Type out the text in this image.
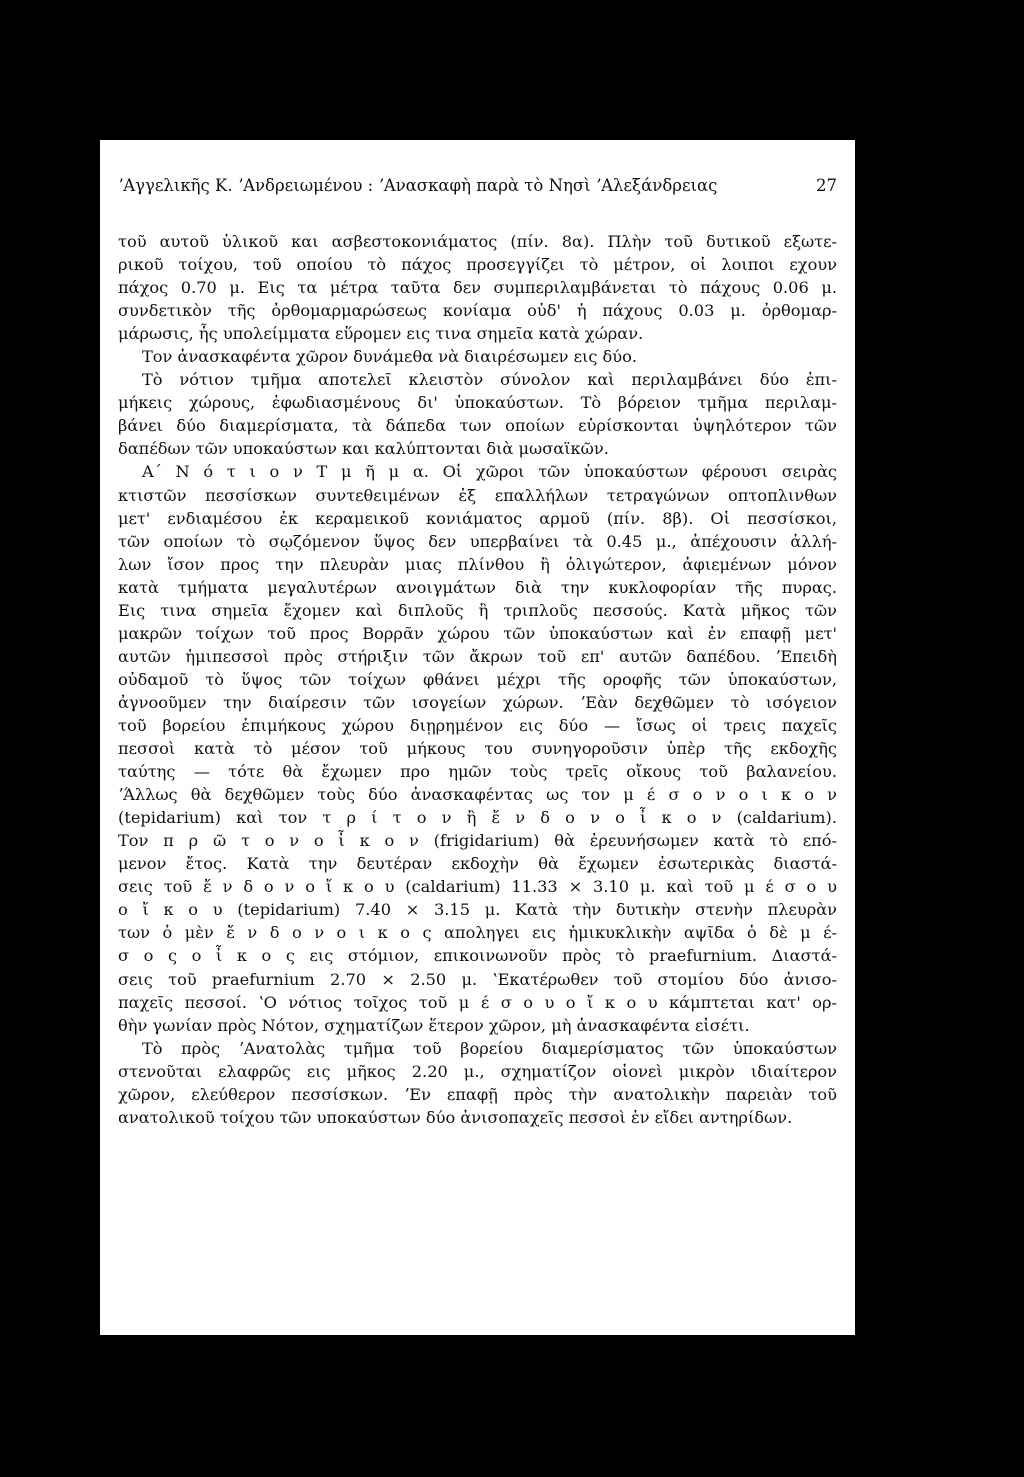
ʼΑγγελικῆς Κ. ʼΑνδρειωμένου : ʼΑνασκαφὴ παρὰ τὸ Νησὶ ʼΑλεξάνδρειας	27
τοῦ αυτοῦ ὑλικοῦ και ασβεστοκονιάματος (πίν. 8α). Πλὴν τοῦ δυτικοῦ εξωτε-
ρικοῦ τοίχου, τοῦ οποίου τὸ πάχος προσεγγίζει τὸ μέτρον, οἱ λοιποι εχουν
πάχος 0.70 μ. Εις τα μέτρα ταῦτα δεν συμπεριλαμβάνεται τὸ πάχους 0.06 μ.
συνδετικὸν τῆς ὀρθομαρμαρώσεως κονίαμα οὐδ' ἡ πάχους 0.03 μ. ὀρθομαρ-
μάρωσις, ἧς υπολείμματα εὕρομεν εις τινα σημεῖα κατὰ χώραν.
Τον ἀνασκαφέντα χῶρον δυνάμεθα νὰ διαιρέσωμεν εις δύο.
Τὸ νότιον τμῆμα αποτελεῖ κλειστὸν σύνολον καὶ περιλαμβάνει δύο ἐπι-
μήκεις χώρους, ἐφωδιασμένους δι' ὑποκαύστων. Τὸ βόρειον τμῆμα περιλαμ-
βάνει δύο διαμερίσματα, τὰ δάπεδα των οποίων εὑρίσκονται ὑψηλότερον τῶν
δαπέδων τῶν υποκαύστων και καλύπτονται διὰ μωσαϊκῶν.
Α΄ Ν ό τ ι ο ν Τ μ ῆ μ α. Οἱ χῶροι τῶν ὑποκαύστων φέρουσι σειρὰς
κτιστῶν πεσσίσκων συντεθειμένων ἐξ επαλλήλων τετραγώνων οπτοπλινθων
μετ' ενδιαμέσου ἐκ κεραμεικοῦ κονιάματος αρμοῦ (πίν. 8β). Οἱ πεσσίσκοι,
τῶν οποίων τὸ σῳζόμενον ὕψος δεν υπερβαίνει τὰ 0.45 μ., ἀπέχουσιν ἀλλή-
λων ἴσον προς την πλευρὰν μιας πλίνθου ἢ ὀλιγώτερον, ἀφιεμένων μόνον
κατὰ τμήματα μεγαλυτέρων ανοιγμάτων διὰ την κυκλοφορίαν τῆς πυρας.
Εις τινα σημεῖα ἔχομεν καὶ διπλοῦς ἢ τριπλοῦς πεσσούς. Κατὰ μῆκος τῶν
μακρῶν τοίχων τοῦ προς Βορρᾶν χώρου τῶν ὑποκαύστων καὶ ἐν επαφῇ μετ'
αυτῶν ἡμιπεσσοὶ πρὸς στήριξιν τῶν ἄκρων τοῦ επ' αυτῶν δαπέδου. ʼΕπειδὴ
οὐδαμοῦ τὸ ὕψος τῶν τοίχων φθάνει μέχρι τῆς οροφῆς τῶν ὑποκαύστων,
ἀγνοοῦμεν την διαίρεσιν τῶν ισογείων χώρων. ʼΕὰν δεχθῶμεν τὸ ισόγειον
τοῦ βορείου ἐπιμήκους χώρου διῃρημένον εις δύο — ἴσως οἱ τρεις παχεῖς
πεσσοὶ κατὰ τὸ μέσον τοῦ μήκους του συνηγοροῦσιν ὑπὲρ τῆς εκδοχῆς
ταύτης — τότε θὰ ἔχωμεν προ ημῶν τοὺς τρεῖς οἴκους τοῦ βαλανείου.
ʼΆλλως θὰ δεχθῶμεν τοὺς δύο ἀνασκαφέντας ως τον μ έ σ ο ν ο ι κ ο ν
(tepidarium) καὶ τον τ ρ ί τ ο ν ἢ ἔ ν δ ο ν ο ἶ κ ο ν (caldarium).
Τον π ρ ῶ τ ο ν ο ἶ κ ο ν (frigidarium) θὰ ἐρευνήσωμεν κατὰ τὸ επό-
μενον ἔτος. Κατὰ την δευτέραν εκδοχὴν θὰ ἔχωμεν ἐσωτερικὰς διαστά-
σεις τοῦ ἔ ν δ ο ν ο ἴ κ ο υ (caldarium) 11.33 × 3.10 μ. καὶ τοῦ μ έ σ ο υ
ο ἴ κ ο υ (tepidarium) 7.40 × 3.15 μ. Κατὰ τὴν δυτικὴν στενὴν πλευρὰν
των ὁ μὲν ἔ ν δ ο ν ο ι κ ο ς αποληγει εις ἡμικυκλικὴν αψῖδα ὁ δὲ μ έ-
σ ο ς ο ἶ κ ο ς εις στόμιον, επικοινωνοῦν πρὸς τὸ praefurnium. Διαστά-
σεις τοῦ praefurnium 2.70 × 2.50 μ. ʽΕκατέρωθεν τοῦ στομίου δύο ἀνισο-
παχεῖς πεσσοί. ʽΟ νότιος τοῖχος τοῦ μ έ σ ο υ ο ἴ κ ο υ κάμπτεται κατ' ορ-
θὴν γωνίαν πρὸς Νότον, σχηματίζων ἕτερον χῶρον, μὴ ἀνασκαφέντα εἰσέτι.
Τὸ πρὸς ʼΑνατολὰς τμῆμα τοῦ βορείου διαμερίσματος τῶν ὑποκαύστων
στενοῦται ελαφρῶς εις μῆκος 2.20 μ., σχηματίζον οἱονεὶ μικρὸν ιδιαίτερον
χῶρον, ελεύθερον πεσσίσκων. ʼΕν επαφῇ πρὸς τὴν ανατολικὴν παρειὰν τοῦ
ανατολικοῦ τοίχου τῶν υποκαύστων δύο ἀνισοπαχεῖς πεσσοὶ ἐν εἴδει αντηρίδων.
